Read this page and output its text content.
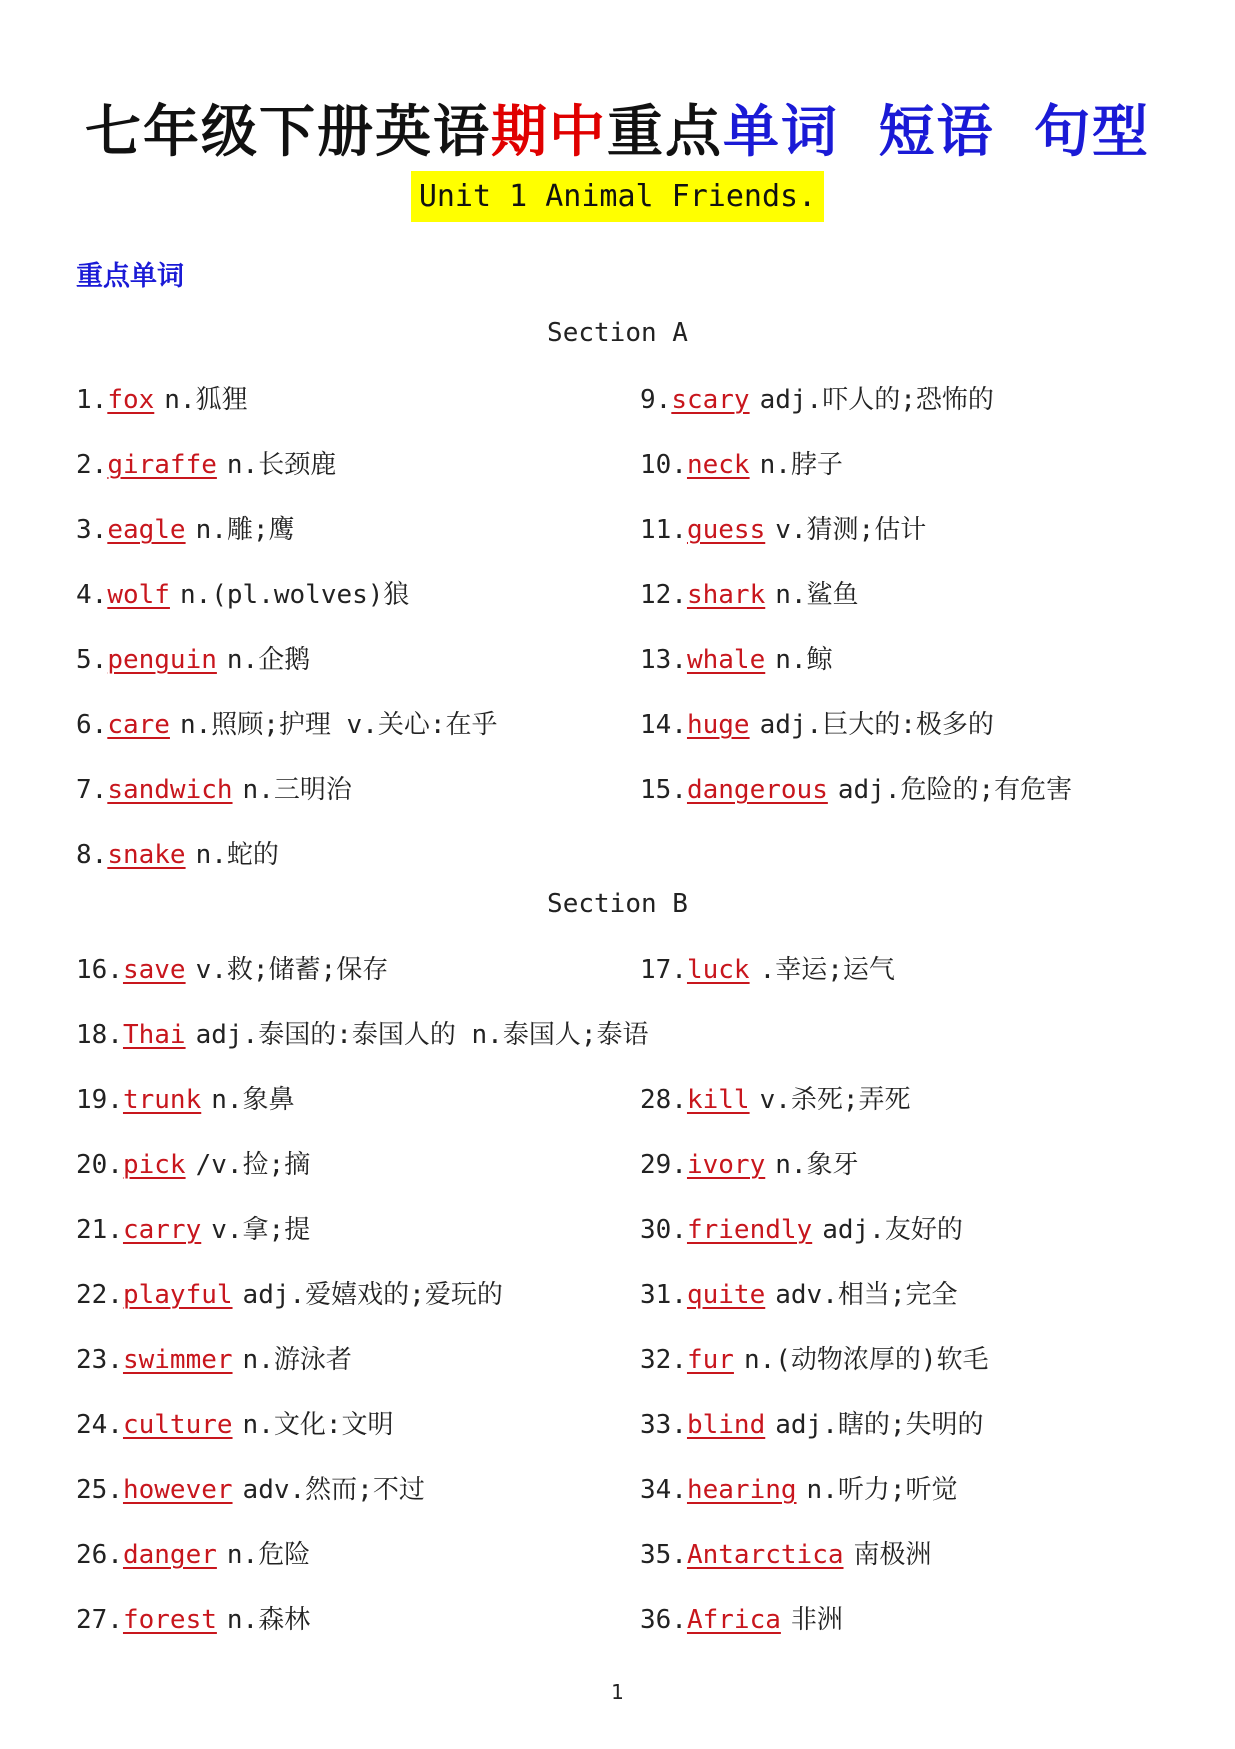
七年级下册英语期中重点单词 短语 句型
Unit 1 Animal Friends.
重点单词
Section A
Section B
1.fox n.狐狸
2.giraffe n.长颈鹿
3.eagle n.雕;鹰
4.wolf n.(pl.wolves)狼
5.penguin n.企鹅
6.care n.照顾;护理 v.关心:在乎
7.sandwich n.三明治
8.snake n.蛇的
9.scary adj.吓人的;恐怖的
10.neck n.脖子
11.guess v.猜测;估计
12.shark n.鲨鱼
13.whale n.鲸
14.huge adj.巨大的:极多的
15.dangerous adj.危险的;有危害
16.save v.救;储蓄;保存	17.luck .幸运;运气
18.Thai adj.泰国的:泰国人的 n.泰国人;泰语
19.trunk n.象鼻
20.pick /v.捡;摘
21.carry v.拿;提
22.playful adj.爱嬉戏的;爱玩的
23.swimmer n.游泳者
24.culture n.文化:文明
25.however adv.然而;不过
26.danger n.危险
27.forest n.森林
28.kill v.杀死;弄死
29.ivory n.象牙
30.friendly adj.友好的
31.quite adv.相当;完全
32.fur n.(动物浓厚的)软毛
33.blind adj.瞎的;失明的
34.hearing n.听力;听觉
35.Antarctica 南极洲
36.Africa 非洲
1
